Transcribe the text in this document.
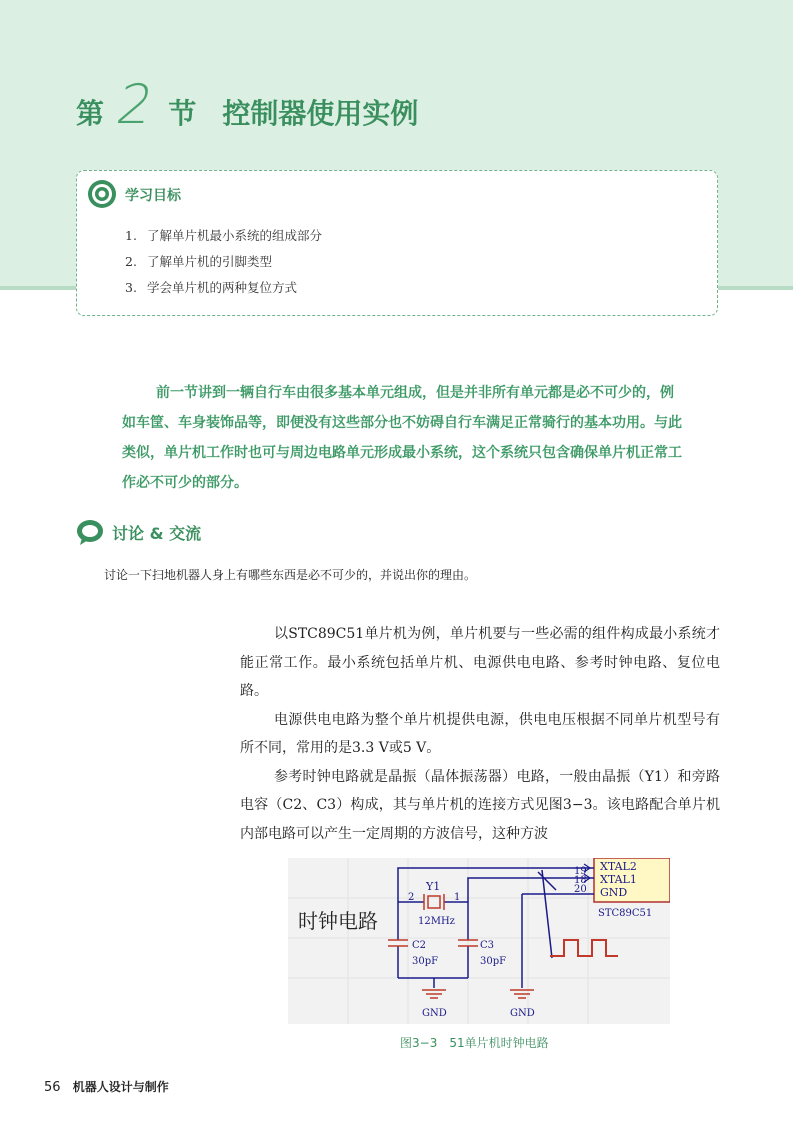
第 2 节 控制器使用实例
学习目标
1. 了解单片机最小系统的组成部分
2. 了解单片机的引脚类型
3. 学会单片机的两种复位方式

前一节讲到一辆自行车由很多基本单元组成，但是并非所有单元都是必不可少的，例如车筐、车身装饰品等，即便没有这些部分也不妨碍自行车满足正常骑行的基本功用。与此类似，单片机工作时也可与周边电路单元形成最小系统，这个系统只包含确保单片机正常工作必不可少的部分。

讨论 & 交流
讨论一下扫地机器人身上有哪些东西是必不可少的，并说出你的理由。

以STC89C51单片机为例，单片机要与一些必需的组件构成最小系统才能正常工作。最小系统包括单片机、电源供电电路、参考时钟电路、复位电路。

电源供电电路为整个单片机提供电源，供电电压根据不同单片机型号有所不同，常用的是3.3 V或5 V。

参考时钟电路就是晶振（晶体振荡器）电路，一般由晶振（Y1）和旁路电容（C2、C3）构成，其与单片机的连接方式见图3−3。该电路配合单片机内部电路可以产生一定周期的方波信号，这种方波

时钟电路
XTAL2
XTAL1
GND
STC89C51
19
18
20
Y1
2	1
12MHz
C2
30pF
C3
30pF
GND	GND
图3−3　51单片机时钟电路
56 机器人设计与制作
